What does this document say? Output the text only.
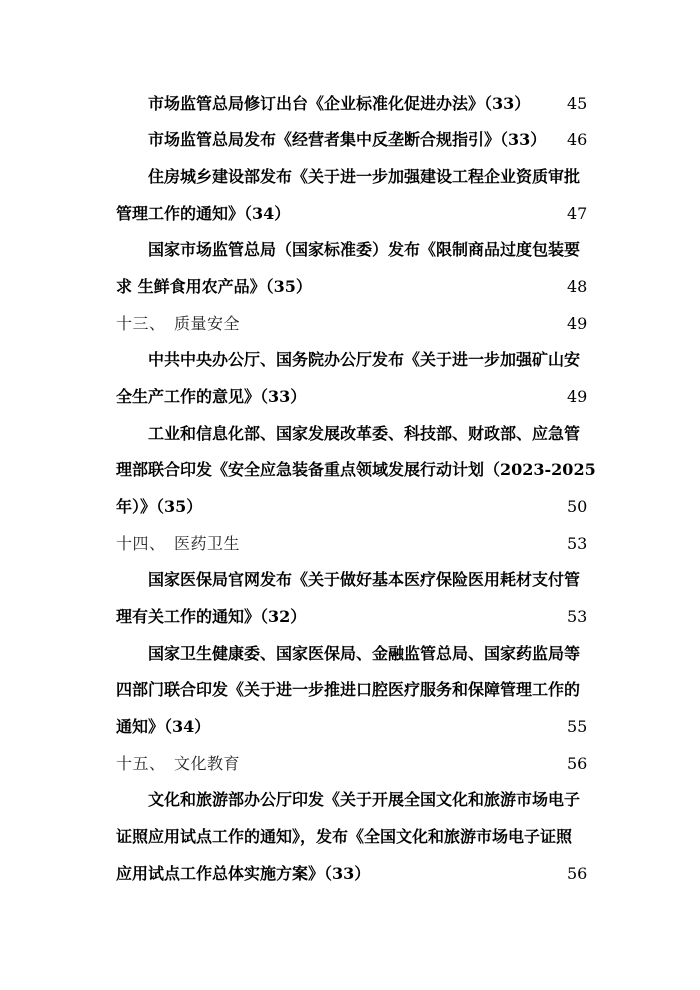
市场监管总局修订出台《企业标准化促进办法》（33） 45
市场监管总局发布《经营者集中反垄断合规指引》（33） 46
住房城乡建设部发布《关于进一步加强建设工程企业资质审批
管理工作的通知》（34）	47
国家市场监管总局（国家标准委）发布《限制商品过度包装要
求 生鲜食用农产品》（35）	48
十三、　质量安全	49
中共中央办公厅、国务院办公厅发布《关于进一步加强矿山安
全生产工作的意见》（33）	49
工业和信息化部、国家发展改革委、科技部、财政部、应急管
理部联合印发《安全应急装备重点领域发展行动计划（2023-2025
年）》（35）	50
十四、　医药卫生	53
国家医保局官网发布《关于做好基本医疗保险医用耗材支付管
理有关工作的通知》（32）	53
国家卫生健康委、国家医保局、金融监管总局、国家药监局等
四部门联合印发《关于进一步推进口腔医疗服务和保障管理工作的
通知》（34）	55
十五、　文化教育	56
文化和旅游部办公厅印发《关于开展全国文化和旅游市场电子
证照应用试点工作的通知》，发布《全国文化和旅游市场电子证照
应用试点工作总体实施方案》（33）	56
